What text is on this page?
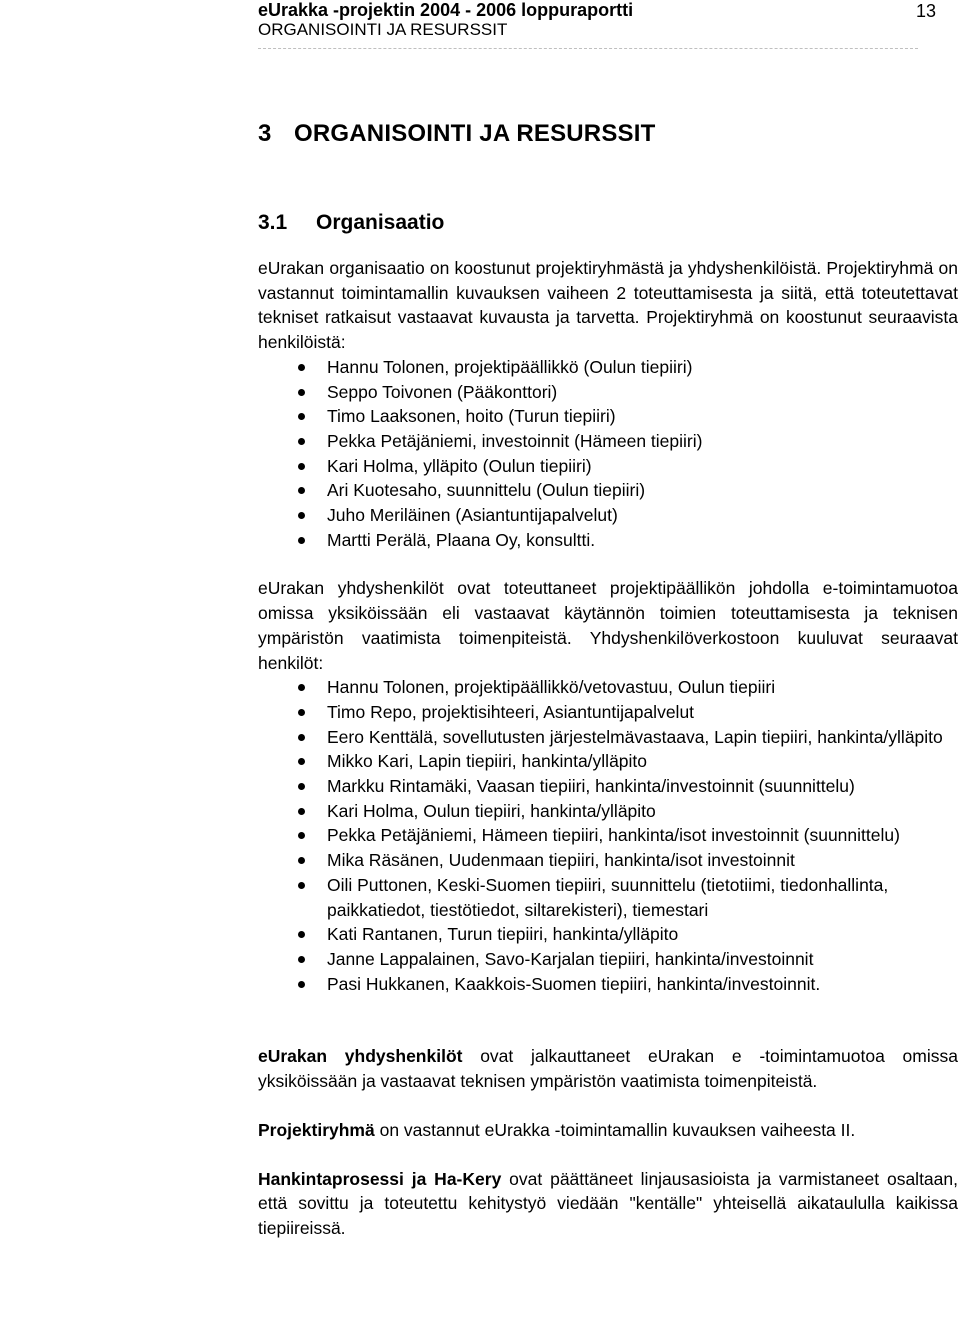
eUrakka -projektin 2004 - 2006 loppuraportti
ORGANISOINTI JA RESURSSIT
13
3 ORGANISOINTI JA RESURSSIT
3.1 Organisaatio

eUrakan organisaatio on koostunut projektiryhmästä ja yhdyshenkilöistä. Projektiryhmä on vastannut toimintamallin kuvauksen vaiheen 2 toteuttamisesta ja siitä, että toteutettavat tekniset ratkaisut vastaavat kuvausta ja tarvetta. Projektiryhmä on koostunut seuraavista henkilöistä:

Hannu Tolonen, projektipäällikkö (Oulun tiepiiri)
Seppo Toivonen (Pääkonttori)
Timo Laaksonen, hoito (Turun tiepiiri)
Pekka Petäjäniemi, investoinnit (Hämeen tiepiiri)
Kari Holma, ylläpito (Oulun tiepiiri)
Ari Kuotesaho, suunnittelu (Oulun tiepiiri)
Juho Meriläinen (Asiantuntijapalvelut)
Martti Perälä, Plaana Oy, konsultti.

eUrakan yhdyshenkilöt ovat toteuttaneet projektipäällikön johdolla e-toimintamuotoa omissa yksiköissään eli vastaavat käytännön toimien toteuttamisesta ja teknisen ympäristön vaatimista toimenpiteistä. Yhdyshenkilöverkostoon kuuluvat seuraavat henkilöt:

Hannu Tolonen, projektipäällikkö/vetovastuu, Oulun tiepiiri
Timo Repo, projektisihteeri, Asiantuntijapalvelut
Eero Kenttälä, sovellutusten järjestelmävastaava, Lapin tiepiiri, hankinta/ylläpito
Mikko Kari, Lapin tiepiiri, hankinta/ylläpito
Markku Rintamäki, Vaasan tiepiiri, hankinta/investoinnit (suunnittelu)
Kari Holma, Oulun tiepiiri, hankinta/ylläpito
Pekka Petäjäniemi, Hämeen tiepiiri, hankinta/isot investoinnit (suunnittelu)
Mika Räsänen, Uudenmaan tiepiiri, hankinta/isot investoinnit
Oili Puttonen, Keski-Suomen tiepiiri, suunnittelu (tietotiimi, tiedonhallinta, paikkatiedot, tiestötiedot, siltarekisteri), tiemestari
Kati Rantanen, Turun tiepiiri, hankinta/ylläpito
Janne Lappalainen, Savo-Karjalan tiepiiri, hankinta/investoinnit
Pasi Hukkanen, Kaakkois-Suomen tiepiiri, hankinta/investoinnit.

eUrakan yhdyshenkilöt ovat jalkauttaneet eUrakan e -toimintamuotoa omissa yksiköissään ja vastaavat teknisen ympäristön vaatimista toimenpiteistä.

Projektiryhmä on vastannut eUrakka -toimintamallin kuvauksen vaiheesta II.

Hankintaprosessi ja Ha-Kery ovat päättäneet linjausasioista ja varmistaneet osaltaan, että sovittu ja toteutettu kehitystyö viedään "kentälle" yhteisellä aikataululla kaikissa tiepiireissä.
